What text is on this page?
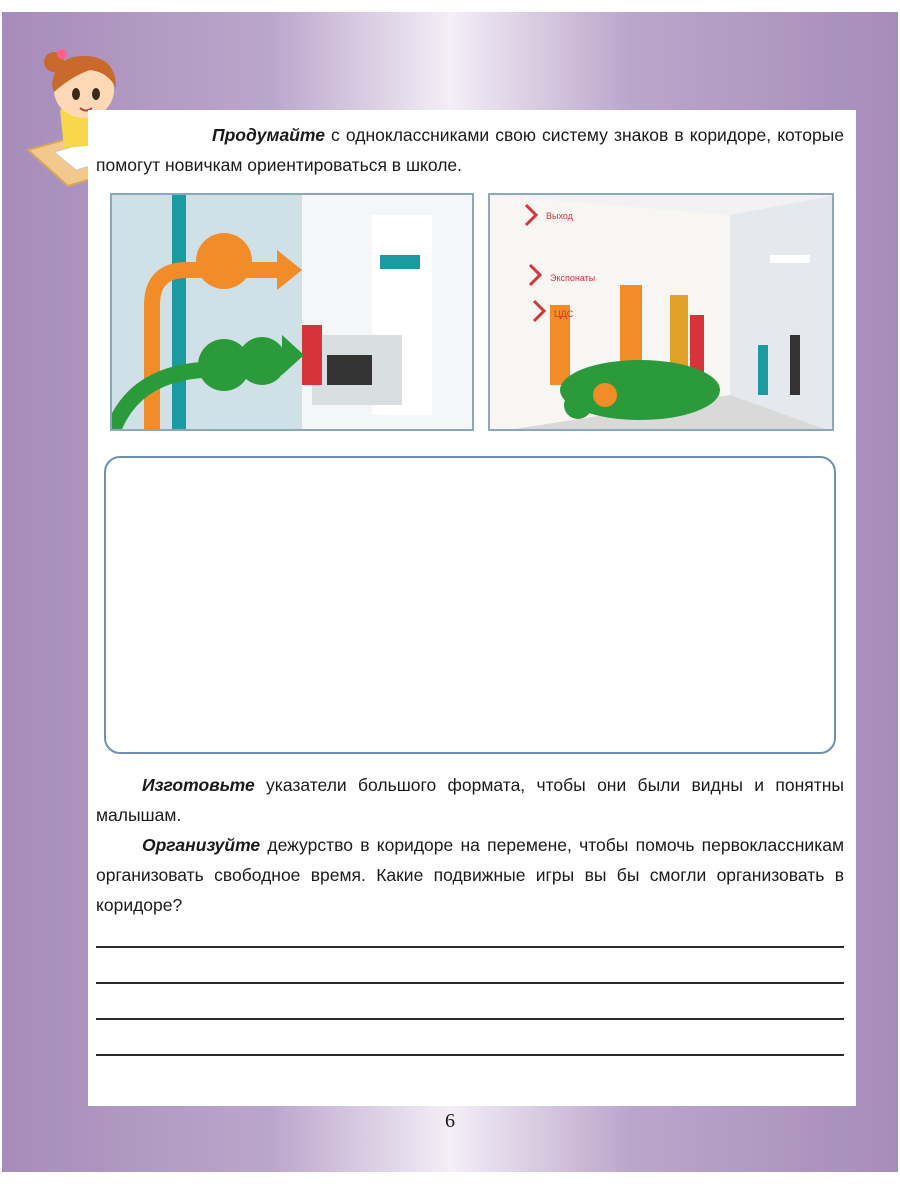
Продумайте с одноклассниками свою систему знаков в коридоре, которые помогут новичкам ориентироваться в школе.

Выход
Экспонаты
ЦДС

Изготовьте указатели большого формата, чтобы они были видны и понятны малышам.

Организуйте дежурство в коридоре на перемене, чтобы помочь первоклассникам организовать свободное время. Какие подвижные игры вы бы смогли организовать в коридоре?

6
